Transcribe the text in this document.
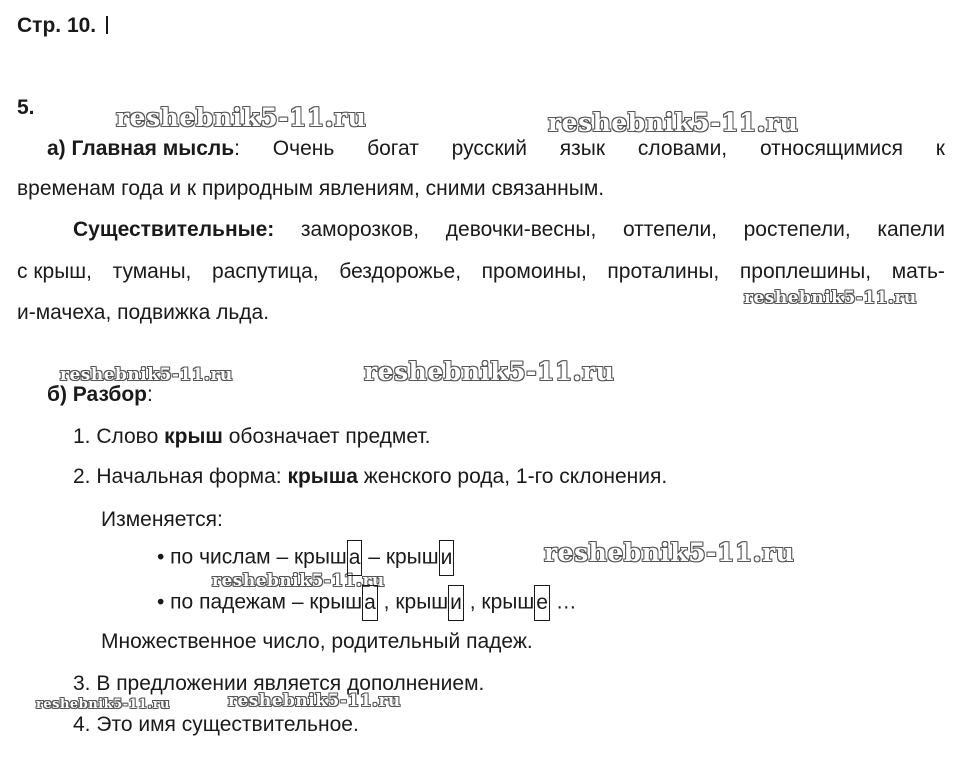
Стр. 10.
5.	reshebnik5-11.ru	reshebnik5-11.ru
reshebnik5-11.ru
reshebnik5-11.ru	reshebnik5-11.ru
reshebnik5-11.ru
reshebnik5-11.ru
reshebnik5-11.ru	reshebnik5-11.ru
а) Главная мысль: Очень богат русский язык словами, относящимися к
временам года и к природным явлениям, сними связанным.
Существительные: заморозков, девочки-весны, оттепели, ростепели, капели
с крыш, туманы, распутица, бездорожье, промоины, проталины, проплешины, мать-
и-мачеха, подвижка льда.
б) Разбор:
1. Слово крыш обозначает предмет.
2. Начальная форма: крыша женского рода, 1-го склонения.
Изменяется:
• по числам – крыша – крыши
• по падежам – крыша , крыши , крыше …
Множественное число, родительный падеж.
3. В предложении является дополнением.
4. Это имя существительное.
